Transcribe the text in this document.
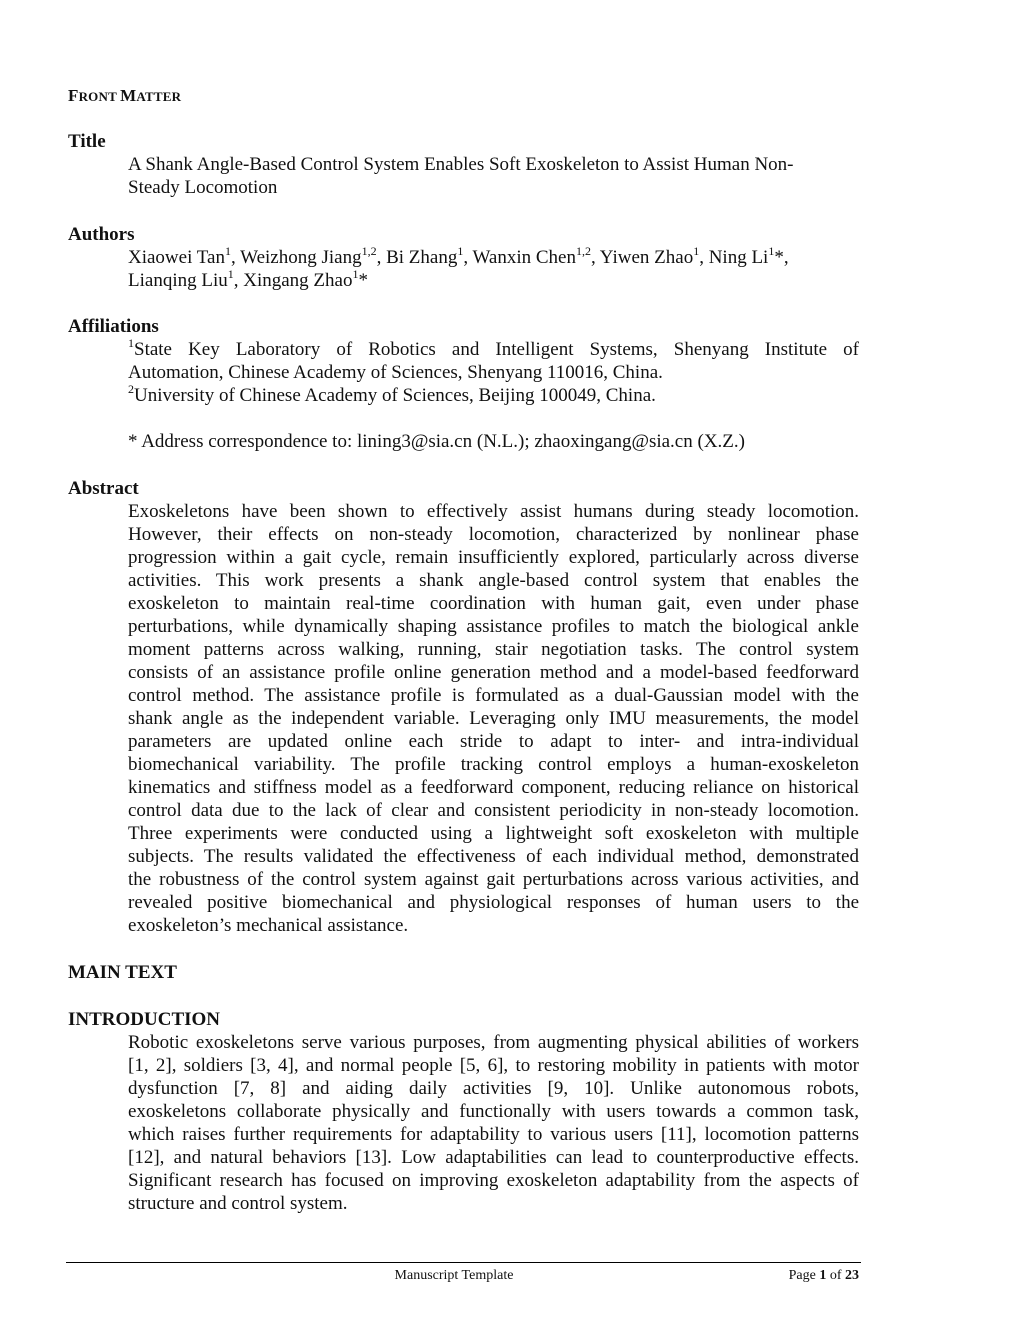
FRONT MATTER
Title
A Shank Angle-Based Control System Enables Soft Exoskeleton to Assist Human Non-
Steady Locomotion
Authors
Xiaowei Tan$^1$, Weizhong Jiang$^{1,2}$, Bi Zhang$^1$, Wanxin Chen$^{1,2}$, Yiwen Zhao$^1$, Ning Li$^1$*,
Lianqing Liu$^1$, Xingang Zhao$^1$*
Affiliations
$^1$State Key Laboratory of Robotics and Intelligent Systems, Shenyang Institute of
Automation, Chinese Academy of Sciences, Shenyang 110016, China.
$^2$University of Chinese Academy of Sciences, Beijing 100049, China.
* Address correspondence to: lining3@sia.cn (N.L.); zhaoxingang@sia.cn (X.Z.)
Abstract
Exoskeletons have been shown to effectively assist humans during steady locomotion.
However, their effects on non-steady locomotion, characterized by nonlinear phase
progression within a gait cycle, remain insufficiently explored, particularly across diverse
activities. This work presents a shank angle-based control system that enables the
exoskeleton to maintain real-time coordination with human gait, even under phase
perturbations, while dynamically shaping assistance profiles to match the biological ankle
moment patterns across walking, running, stair negotiation tasks. The control system
consists of an assistance profile online generation method and a model-based feedforward
control method. The assistance profile is formulated as a dual-Gaussian model with the
shank angle as the independent variable. Leveraging only IMU measurements, the model
parameters are updated online each stride to adapt to inter- and intra-individual
biomechanical variability. The profile tracking control employs a human-exoskeleton
kinematics and stiffness model as a feedforward component, reducing reliance on historical
control data due to the lack of clear and consistent periodicity in non-steady locomotion.
Three experiments were conducted using a lightweight soft exoskeleton with multiple
subjects. The results validated the effectiveness of each individual method, demonstrated
the robustness of the control system against gait perturbations across various activities, and
revealed positive biomechanical and physiological responses of human users to the
exoskeleton’s mechanical assistance.
MAIN TEXT
INTRODUCTION
Robotic exoskeletons serve various purposes, from augmenting physical abilities of workers
[1, 2], soldiers [3, 4], and normal people [5, 6], to restoring mobility in patients with motor
dysfunction [7, 8] and aiding daily activities [9, 10]. Unlike autonomous robots,
exoskeletons collaborate physically and functionally with users towards a common task,
which raises further requirements for adaptability to various users [11], locomotion patterns
[12], and natural behaviors [13]. Low adaptabilities can lead to counterproductive effects.
Significant research has focused on improving exoskeleton adaptability from the aspects of
structure and control system.
Manuscript Template	Page 1 of 23
